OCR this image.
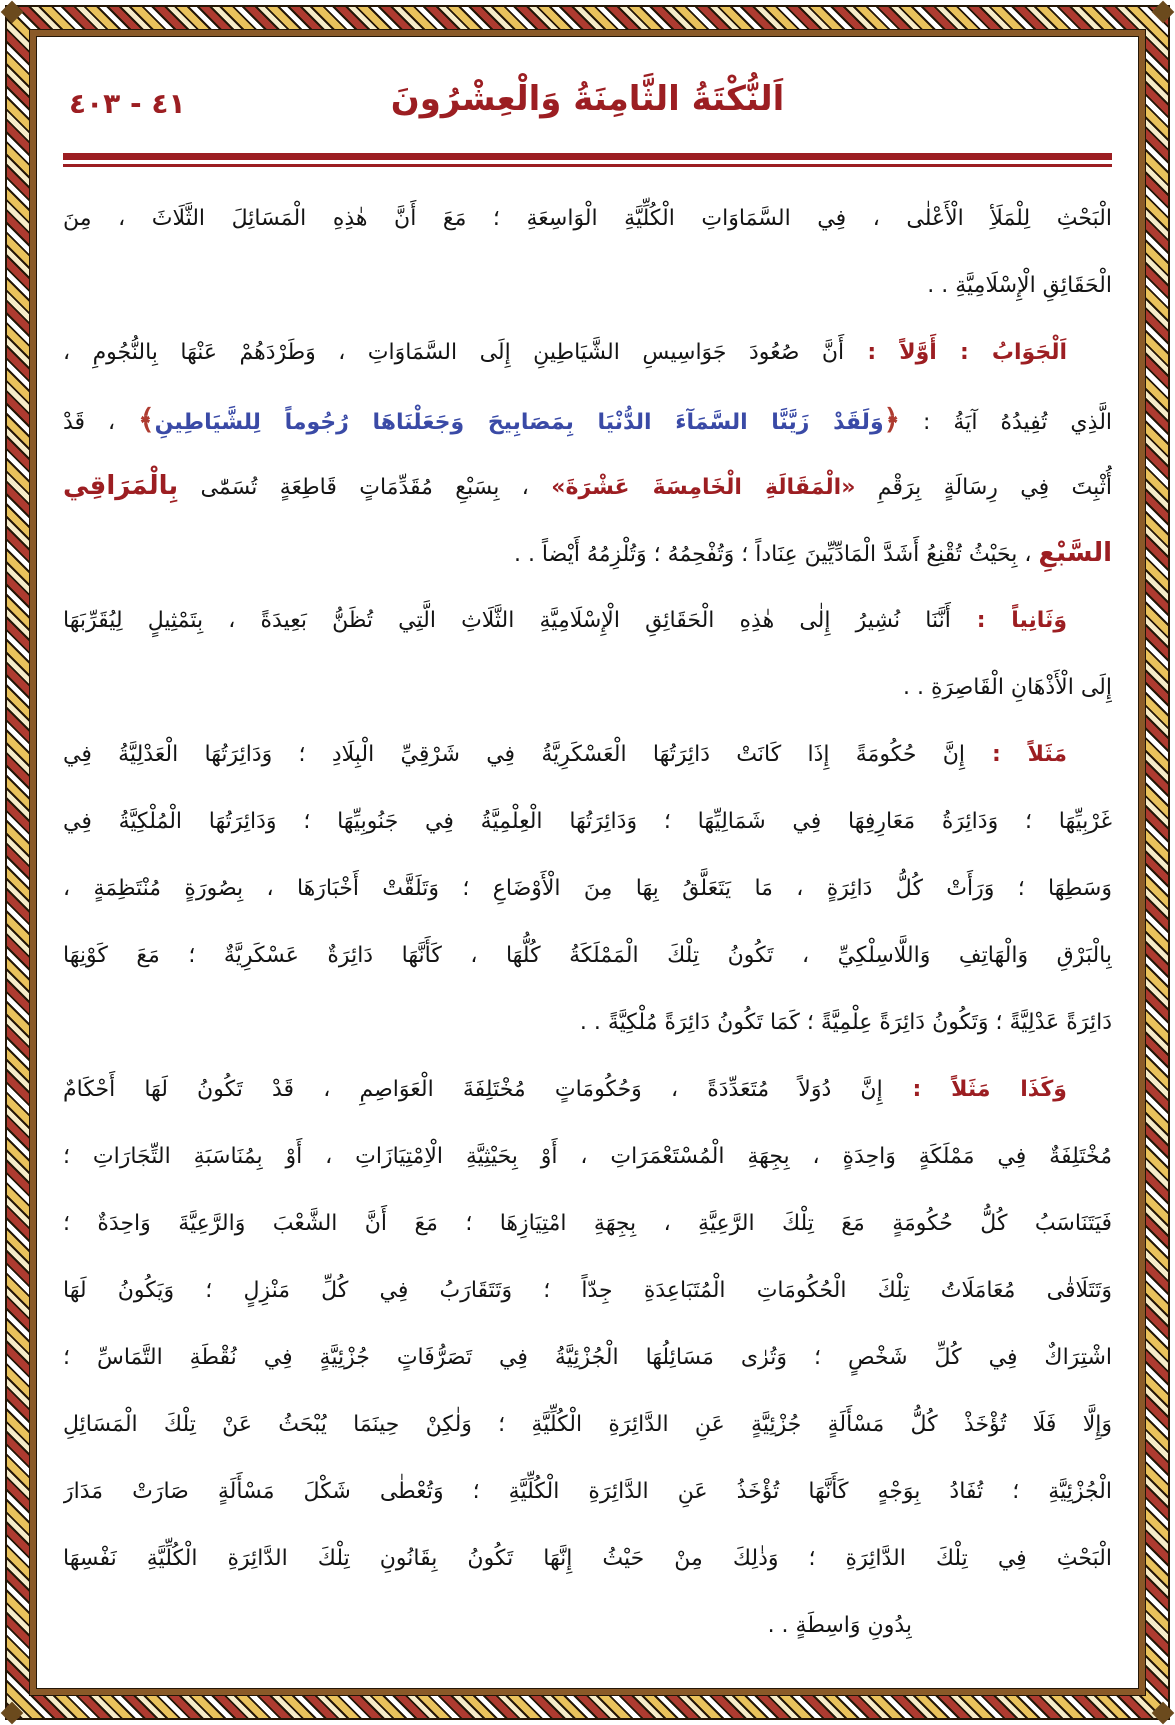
٤١ - ٤٠٣	اَلنُّكْتَةُ الثَّامِنَةُ وَالْعِشْرُونَ
الْبَحْثِ لِلْمَلَأِ الْأَعْلٰى ، فِي السَّمَاوَاتِ الْكُلِّيَّةِ الْوَاسِعَةِ ؛ مَعَ أَنَّ هٰذِهِ الْمَسَائِلَ الثَّلَاثَ ، مِنَ
الْحَقَائِقِ الْإِسْلَامِيَّةِ . .
اَلْجَوَابُ : أَوَّلاً : أَنَّ صُعُودَ جَوَاسِيسِ الشَّيَاطِينِ إِلَى السَّمَاوَاتِ ، وَطَرْدَهُمْ عَنْهَا بِالنُّجُومِ ،
الَّذِي تُفِيدُهُ آيَةُ : ﴿وَلَقَدْ زَيَّنَّا السَّمَآءَ الدُّنْيَا بِمَصَابِيحَ وَجَعَلْنَاهَا رُجُوماً لِلشَّيَاطِينِ﴾ ، قَدْ
أُثْبِتَ فِي رِسَالَةٍ بِرَقْمِ «الْمَقَالَةِ الْخَامِسَةَ عَشْرَةَ» ، بِسَبْعِ مُقَدِّمَاتٍ قَاطِعَةٍ تُسَمّٰى بِالْمَرَاقِي
السَّبْعِ ، بِحَيْثُ تُقْنِعُ أَشَدَّ الْمَادِّيِّينَ عِنَاداً ؛ وَتُفْحِمُهُ ؛ وَتُلْزِمُهُ أَيْضاً . .
وَثَانِياً : أَنَّنَا نُشِيرُ إِلٰى هٰذِهِ الْحَقَائِقِ الْإِسْلَامِيَّةِ الثَّلَاثِ الَّتِي تُظَنُّ بَعِيدَةً ، بِتَمْثِيلٍ لِيُقَرِّبَهَا
إِلَى الْأَذْهَانِ الْقَاصِرَةِ . .
مَثَلاً : إِنَّ حُكُومَةً إِذَا كَانَتْ دَائِرَتُهَا الْعَسْكَرِيَّةُ فِي شَرْقِيِّ الْبِلَادِ ؛ وَدَائِرَتُهَا الْعَدْلِيَّةُ فِي
غَرْبِيِّهَا ؛ وَدَائِرَةُ مَعَارِفِهَا فِي شَمَالِيِّهَا ؛ وَدَائِرَتُهَا الْعِلْمِيَّةُ فِي جَنُوبِيِّهَا ؛ وَدَائِرَتُهَا الْمُلْكِيَّةُ فِي
وَسَطِهَا ؛ وَرَأَتْ كُلُّ دَائِرَةٍ ، مَا يَتَعَلَّقُ بِهَا مِنَ الْأَوْضَاعِ ؛ وَتَلَقَّتْ أَخْبَارَهَا ، بِصُورَةٍ مُنْتَظِمَةٍ ،
بِالْبَرْقِ وَالْهَاتِفِ وَاللَّاسِلْكِيِّ ، تَكُونُ تِلْكَ الْمَمْلَكَةُ كُلُّهَا ، كَأَنَّهَا دَائِرَةٌ عَسْكَرِيَّةٌ ؛ مَعَ كَوْنِهَا
دَائِرَةً عَدْلِيَّةً ؛ وَتَكُونُ دَائِرَةً عِلْمِيَّةً ؛ كَمَا تَكُونُ دَائِرَةً مُلْكِيَّةً . .
وَكَذَا مَثَلاً : إِنَّ دُوَلاً مُتَعَدِّدَةً ، وَحُكُومَاتٍ مُخْتَلِفَةَ الْعَوَاصِمِ ، قَدْ تَكُونُ لَهَا أَحْكَامٌ
مُخْتَلِفَةٌ فِي مَمْلَكَةٍ وَاحِدَةٍ ، بِجِهَةِ الْمُسْتَعْمَرَاتِ ، أَوْ بِحَيْثِيَّةِ الْاِمْتِيَازَاتِ ، أَوْ بِمُنَاسَبَةِ التِّجَارَاتِ ؛
فَيَتَنَاسَبُ كُلُّ حُكُومَةٍ مَعَ تِلْكَ الرَّعِيَّةِ ، بِجِهَةِ امْتِيَازِهَا ؛ مَعَ أَنَّ الشَّعْبَ وَالرَّعِيَّةَ وَاحِدَةٌ ؛
وَتَتَلَاقٰى مُعَامَلَاتُ تِلْكَ الْحُكُومَاتِ الْمُتَبَاعِدَةِ جِدّاً ؛ وَتَتَقَارَبُ فِي كُلِّ مَنْزِلٍ ؛ وَيَكُونُ لَهَا
اشْتِرَاكٌ فِي كُلِّ شَخْصٍ ؛ وَتُرٰى مَسَائِلُهَا الْجُزْئِيَّةُ فِي تَصَرُّفَاتٍ جُزْئِيَّةٍ فِي نُقْطَةِ التَّمَاسِّ ؛
وَإِلَّا فَلَا تُؤْخَذْ كُلُّ مَسْأَلَةٍ جُزْئِيَّةٍ عَنِ الدَّائِرَةِ الْكُلِّيَّةِ ؛ وَلٰكِنْ حِينَمَا يُبْحَثُ عَنْ تِلْكَ الْمَسَائِلِ
الْجُزْئِيَّةِ ؛ تُفَادُ بِوَجْهٍ كَأَنَّهَا تُؤْخَذُ عَنِ الدَّائِرَةِ الْكُلِّيَّةِ ؛ وَتُعْطٰى شَكْلَ مَسْأَلَةٍ صَارَتْ مَدَارَ
الْبَحْثِ فِي تِلْكَ الدَّائِرَةِ ؛ وَذٰلِكَ مِنْ حَيْثُ إِنَّهَا تَكُونُ بِقَانُونِ تِلْكَ الدَّائِرَةِ الْكُلِّيَّةِ نَفْسِهَا
بِدُونِ وَاسِطَةٍ . .
